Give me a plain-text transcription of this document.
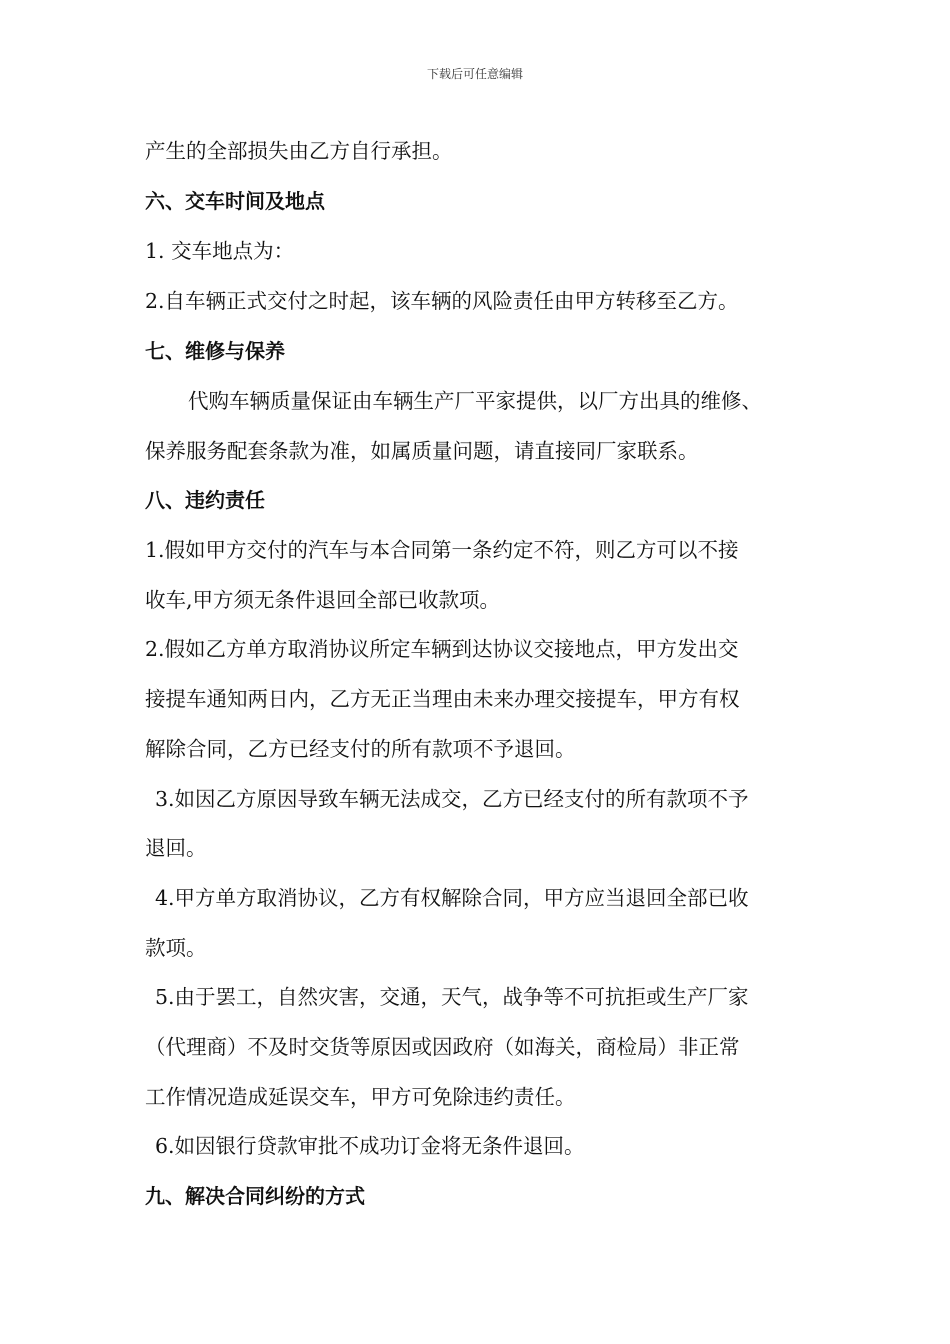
下载后可任意编辑
产生的全部损失由乙方自行承担。
六、交车时间及地点
1. 交车地点为：
2.自车辆正式交付之时起，该车辆的风险责任由甲方转移至乙方。
七、维修与保养
代购车辆质量保证由车辆生产厂平家提供，以厂方出具的维修、
保养服务配套条款为准，如属质量问题，请直接同厂家联系。
八、违约责任
1.假如甲方交付的汽车与本合同第一条约定不符，则乙方可以不接
收车,甲方须无条件退回全部已收款项。
2.假如乙方单方取消协议所定车辆到达协议交接地点，甲方发出交
接提车通知两日内，乙方无正当理由未来办理交接提车，甲方有权
解除合同，乙方已经支付的所有款项不予退回。
3.如因乙方原因导致车辆无法成交，乙方已经支付的所有款项不予
退回。
4.甲方单方取消协议，乙方有权解除合同，甲方应当退回全部已收
款项。
5.由于罢工，自然灾害，交通，天气，战争等不可抗拒或生产厂家
（代理商）不及时交货等原因或因政府（如海关，商检局）非正常
工作情况造成延误交车，甲方可免除违约责任。
6.如因银行贷款审批不成功订金将无条件退回。
九、解决合同纠纷的方式
